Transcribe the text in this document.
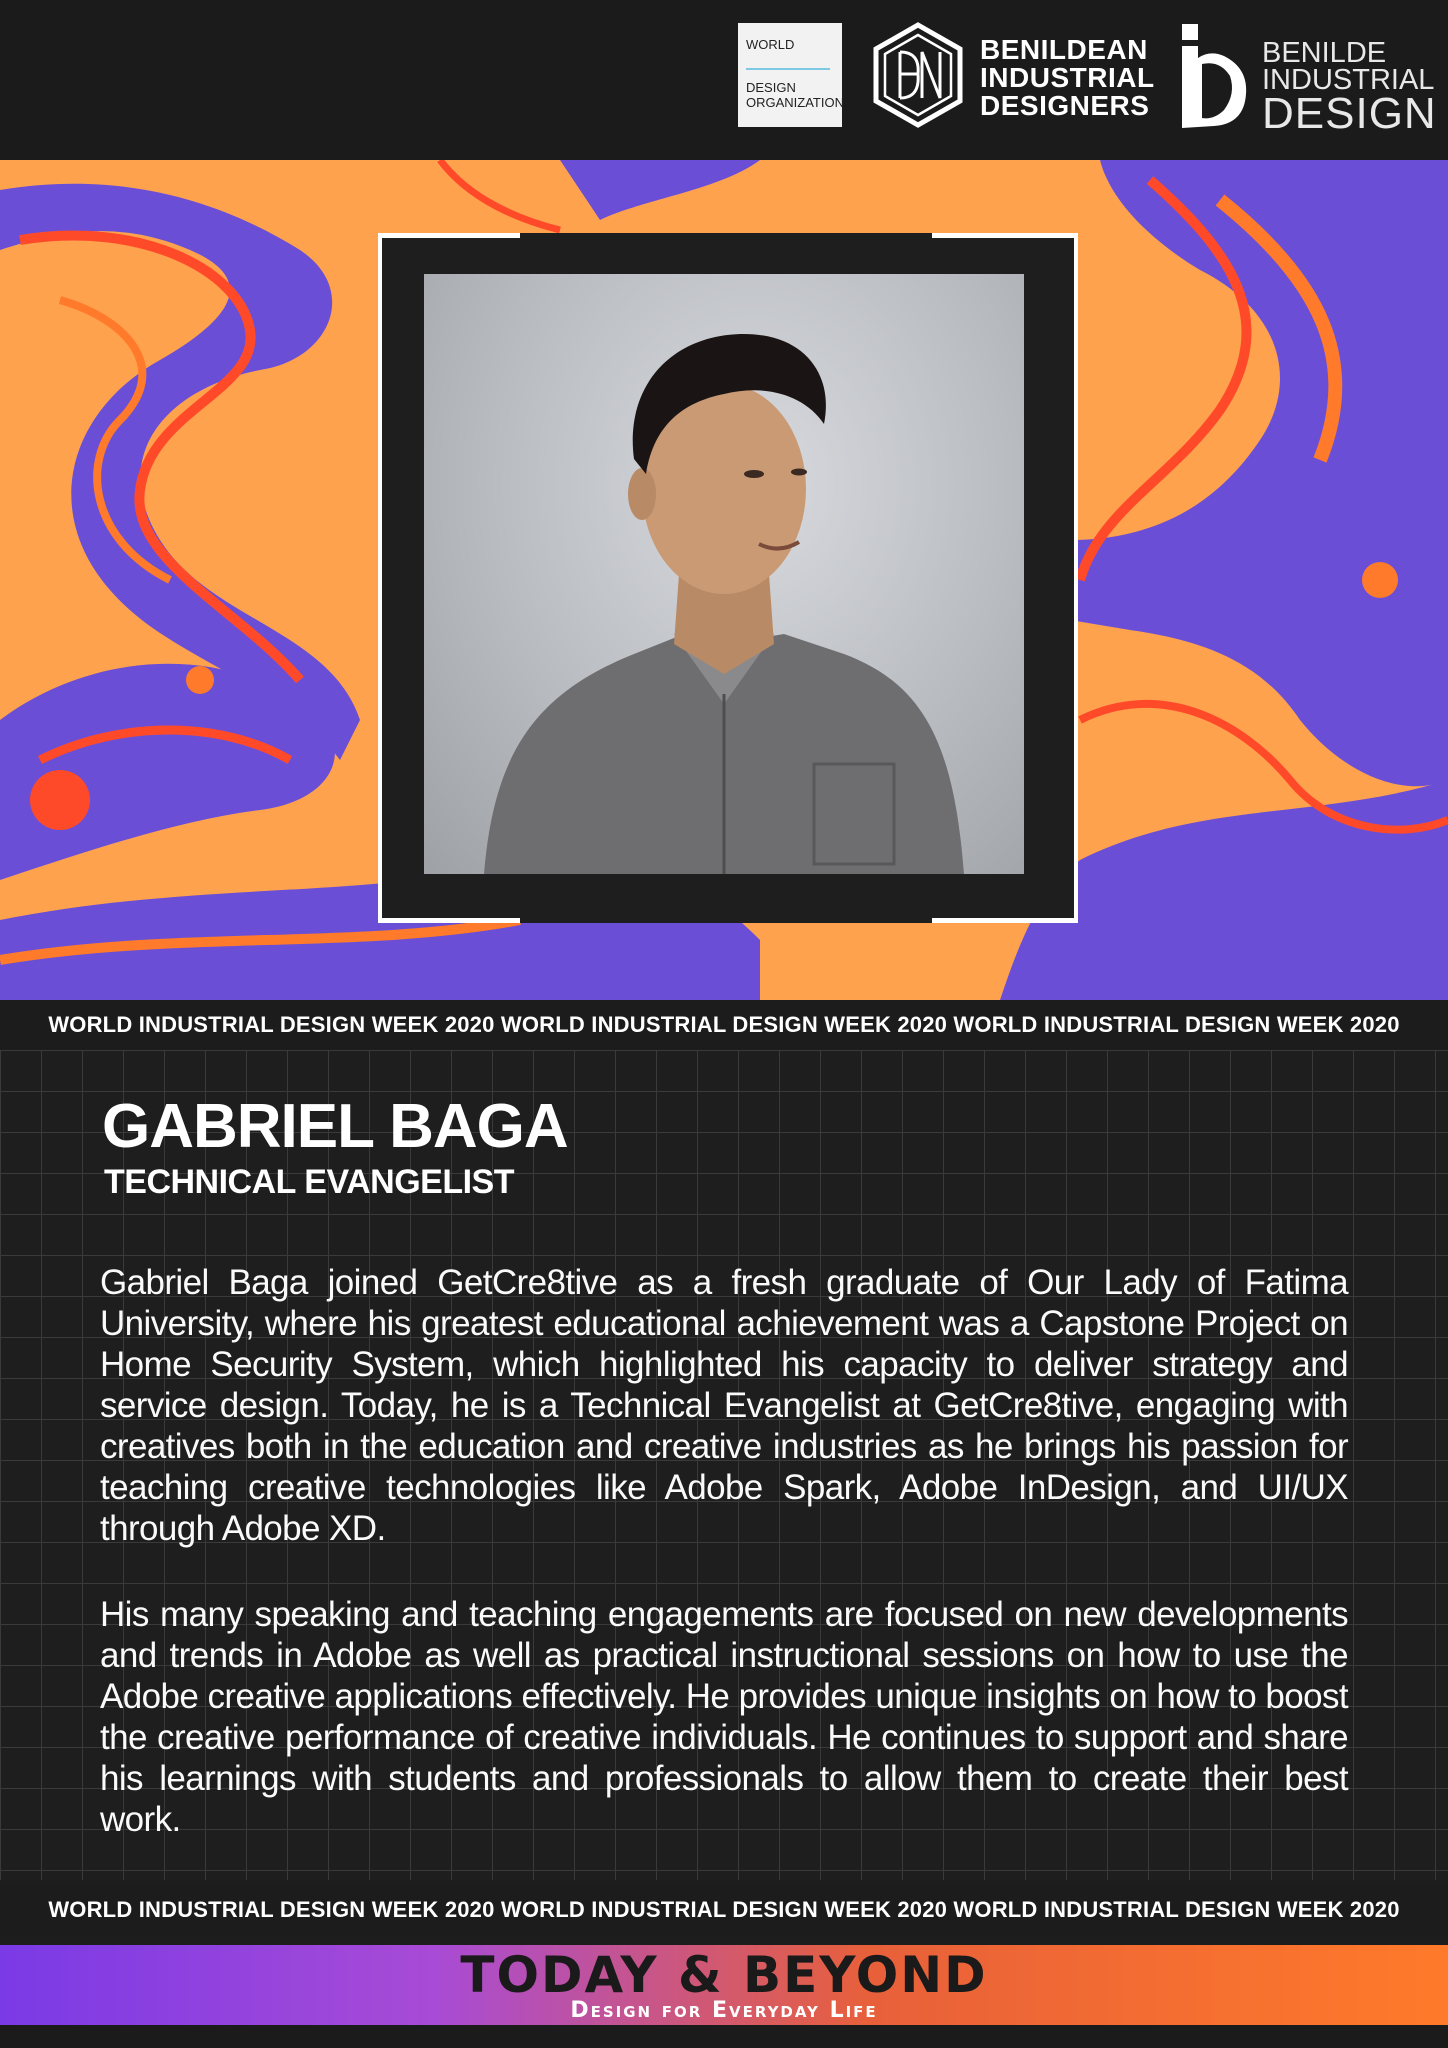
WORLD
DESIGN
ORGANIZATION
BENILDEAN
INDUSTRIAL
DESIGNERS
BENILDE
INDUSTRIAL
DESIGN
WORLD INDUSTRIAL DESIGN WEEK 2020 WORLD INDUSTRIAL DESIGN WEEK 2020 WORLD INDUSTRIAL DESIGN WEEK 2020
GABRIEL BAGA
TECHNICAL EVANGELIST

Gabriel Baga joined GetCre8tive as a fresh graduate of Our Lady of Fatima University, where his greatest educational achievement was a Capstone Project on Home Security System, which highlighted his capacity to deliver strategy and service design. Today, he is a Technical Evangelist at GetCre8tive, engaging with creatives both in the education and creative industries as he brings his passion for teaching creative technologies like Adobe Spark, Adobe InDesign, and UI/UX through Adobe XD.

His many speaking and teaching engagements are focused on new developments and trends in Adobe as well as practical instructional sessions on how to use the Adobe creative applications effectively. He provides unique insights on how to boost the creative performance of creative individuals. He continues to support and share his learnings with students and professionals to allow them to create their best work.

WORLD INDUSTRIAL DESIGN WEEK 2020 WORLD INDUSTRIAL DESIGN WEEK 2020 WORLD INDUSTRIAL DESIGN WEEK 2020
TODAY & BEYOND
Design for Everyday Life
